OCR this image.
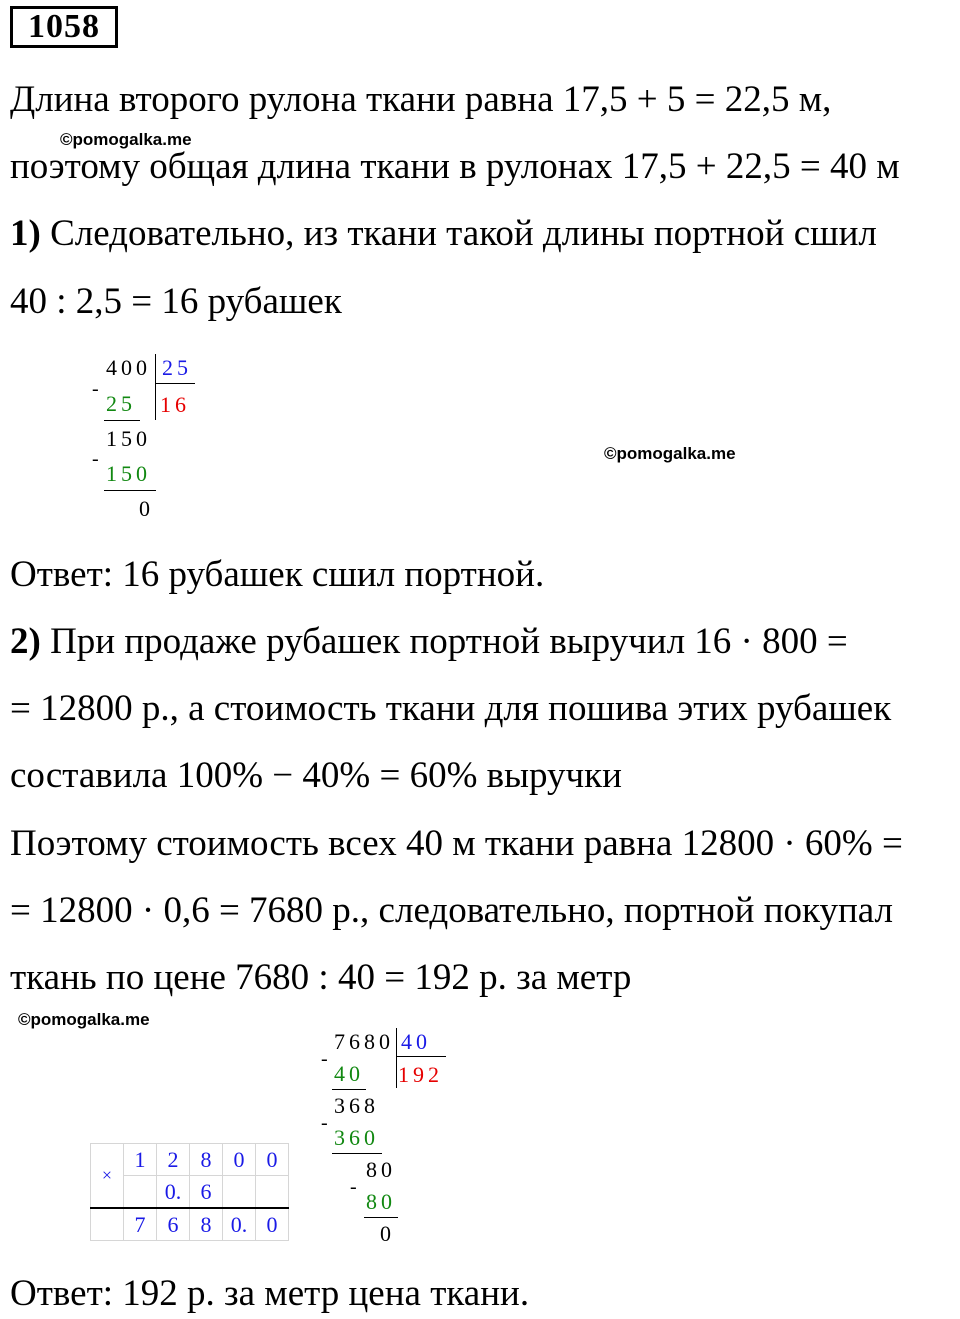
1058
Длина второго рулона ткани равна 17,5 + 5 = 22,5 м,
©pomogalka.me
поэтому общая длина ткани в рулонах 17,5 + 22,5 = 40 м
1) Следовательно, из ткани такой длины портной сшил
40 : 2,5 = 16 рубашек
400 25
16
-
25
150
-
150
0
©pomogalka.me
Ответ: 16 рубашек сшил портной.
2) При продаже рубашек портной выручил 16 · 800 =
= 12800 р., а стоимость ткани для пошива этих рубашек
составила 100% − 40% = 60% выручки
Поэтому стоимость всех 40 м ткани равна 12800 · 60% =
= 12800 · 0,6 = 7680 р., следовательно, портной покупал
ткань по цене 7680 : 40 = 192 р. за метр
©pomogalka.me
7680 40
192
-
40
368
-
360
80
-
80
0
×	1	2	8	0	0
		0.	6		
	7	6	8	0.	0
Ответ: 192 р. за метр цена ткани.
